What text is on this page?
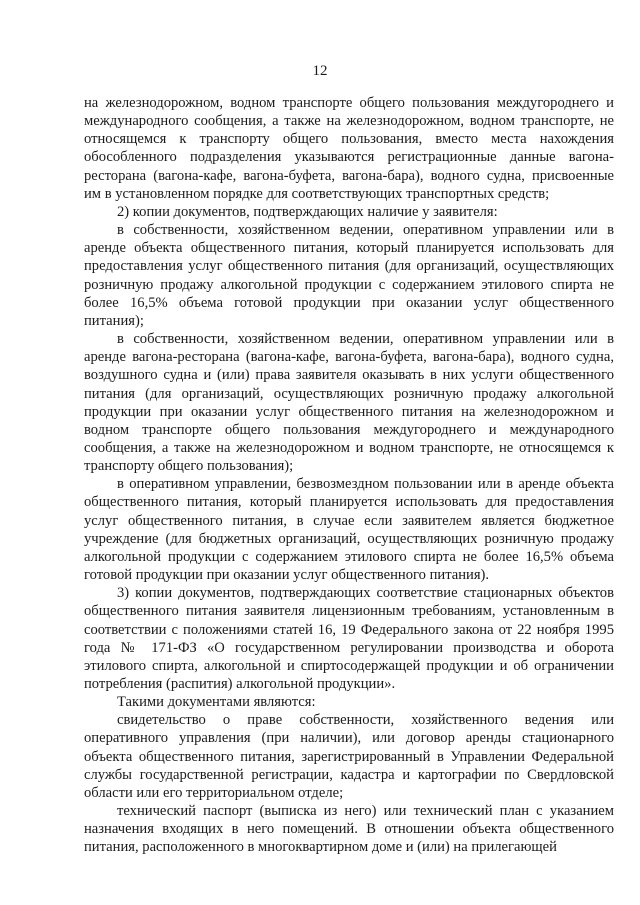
12

на железнодорожном, водном транспорте общего пользования междугороднего и международного сообщения, а также на железнодорожном, водном транспорте, не относящемся к транспорту общего пользования, вместо места нахождения обособленного подразделения указываются регистрационные данные вагона-ресторана (вагона-кафе, вагона-буфета, вагона-бара), водного судна, присвоенные им в установленном порядке для соответствующих транспортных средств;

2) копии документов, подтверждающих наличие у заявителя:

в собственности, хозяйственном ведении, оперативном управлении или в аренде объекта общественного питания, который планируется использовать для предоставления услуг общественного питания (для организаций, осуществляющих розничную продажу алкогольной продукции с содержанием этилового спирта не более 16,5% объема готовой продукции при оказании услуг общественного питания);

в собственности, хозяйственном ведении, оперативном управлении или в аренде вагона-ресторана (вагона-кафе, вагона-буфета, вагона-бара), водного судна, воздушного судна и (или) права заявителя оказывать в них услуги общественного питания (для организаций, осуществляющих розничную продажу алкогольной продукции при оказании услуг общественного питания на железнодорожном и водном транспорте общего пользования междугороднего и международного сообщения, а также на железнодорожном и водном транспорте, не относящемся к транспорту общего пользования);

в оперативном управлении, безвозмездном пользовании или в аренде объекта общественного питания, который планируется использовать для предоставления услуг общественного питания, в случае если заявителем является бюджетное учреждение (для бюджетных организаций, осуществляющих розничную продажу алкогольной продукции с содержанием этилового спирта не более 16,5% объема готовой продукции при оказании услуг общественного питания).

3) копии документов, подтверждающих соответствие стационарных объектов общественного питания заявителя лицензионным требованиям, установленным в соответствии с положениями статей 16, 19 Федерального закона от 22 ноября 1995 года № 171-ФЗ «О государственном регулировании производства и оборота этилового спирта, алкогольной и спиртосодержащей продукции и об ограничении потребления (распития) алкогольной продукции».

Такими документами являются:

свидетельство о праве собственности, хозяйственного ведения или оперативного управления (при наличии), или договор аренды стационарного объекта общественного питания, зарегистрированный в Управлении Федеральной службы государственной регистрации, кадастра и картографии по Свердловской области или его территориальном отделе;

технический паспорт (выписка из него) или технический план с указанием назначения входящих в него помещений. В отношении объекта общественного питания, расположенного в многоквартирном доме и (или) на прилегающей
